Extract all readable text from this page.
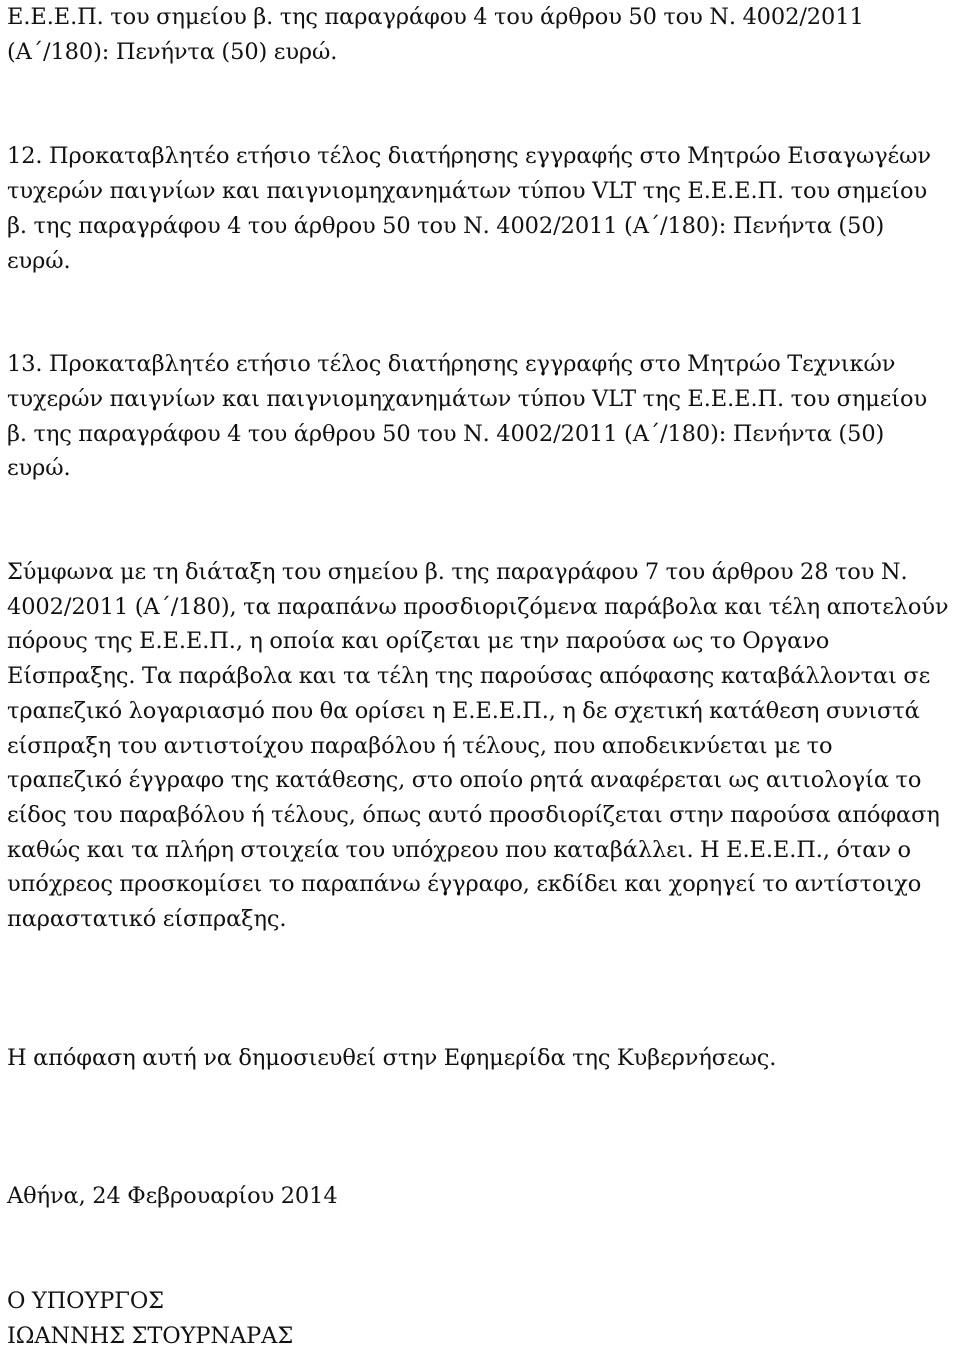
Ε.Ε.Ε.Π. του σημείου β. της παραγράφου 4 του άρθρου 50 του Ν. 4002/2011 (Α΄/180): Πενήντα (50) ευρώ.

12. Προκαταβλητέο ετήσιο τέλος διατήρησης εγγραφής στο Μητρώο Εισαγωγέων τυχερών παιγνίων και παιγνιομηχανημάτων τύπου VLT της Ε.Ε.Ε.Π. του σημείου β. της παραγράφου 4 του άρθρου 50 του Ν. 4002/2011 (Α΄/180): Πενήντα (50) ευρώ.

13. Προκαταβλητέο ετήσιο τέλος διατήρησης εγγραφής στο Μητρώο Τεχνικών τυχερών παιγνίων και παιγνιομηχανημάτων τύπου VLT της Ε.Ε.Ε.Π. του σημείου β. της παραγράφου 4 του άρθρου 50 του Ν. 4002/2011 (Α΄/180): Πενήντα (50) ευρώ.

Σύμφωνα με τη διάταξη του σημείου β. της παραγράφου 7 του άρθρου 28 του Ν. 4002/2011 (Α΄/180), τα παραπάνω προσδιοριζόμενα παράβολα και τέλη αποτελούν πόρους της Ε.Ε.Ε.Π., η οποία και ορίζεται με την παρούσα ως το Οργανο Είσπραξης. Τα παράβολα και τα τέλη της παρούσας απόφασης καταβάλλονται σε τραπεζικό λογαριασμό που θα ορίσει η Ε.Ε.Ε.Π., η δε σχετική κατάθεση συνιστά είσπραξη του αντιστοίχου παραβόλου ή τέλους, που αποδεικνύεται με το τραπεζικό έγγραφο της κατάθεσης, στο οποίο ρητά αναφέρεται ως αιτιολογία το είδος του παραβόλου ή τέλους, όπως αυτό προσδιορίζεται στην παρούσα απόφαση καθώς και τα πλήρη στοιχεία του υπόχρεου που καταβάλλει. Η Ε.Ε.Ε.Π., όταν ο υπόχρεος προσκομίσει το παραπάνω έγγραφο, εκδίδει και χορηγεί το αντίστοιχο παραστατικό είσπραξης.

Η απόφαση αυτή να δημοσιευθεί στην Εφημερίδα της Κυβερνήσεως.

Αθήνα, 24 Φεβρουαρίου 2014

Ο ΥΠΟΥΡΓΟΣ

ΙΩΑΝΝΗΣ ΣΤΟΥΡΝΑΡΑΣ
